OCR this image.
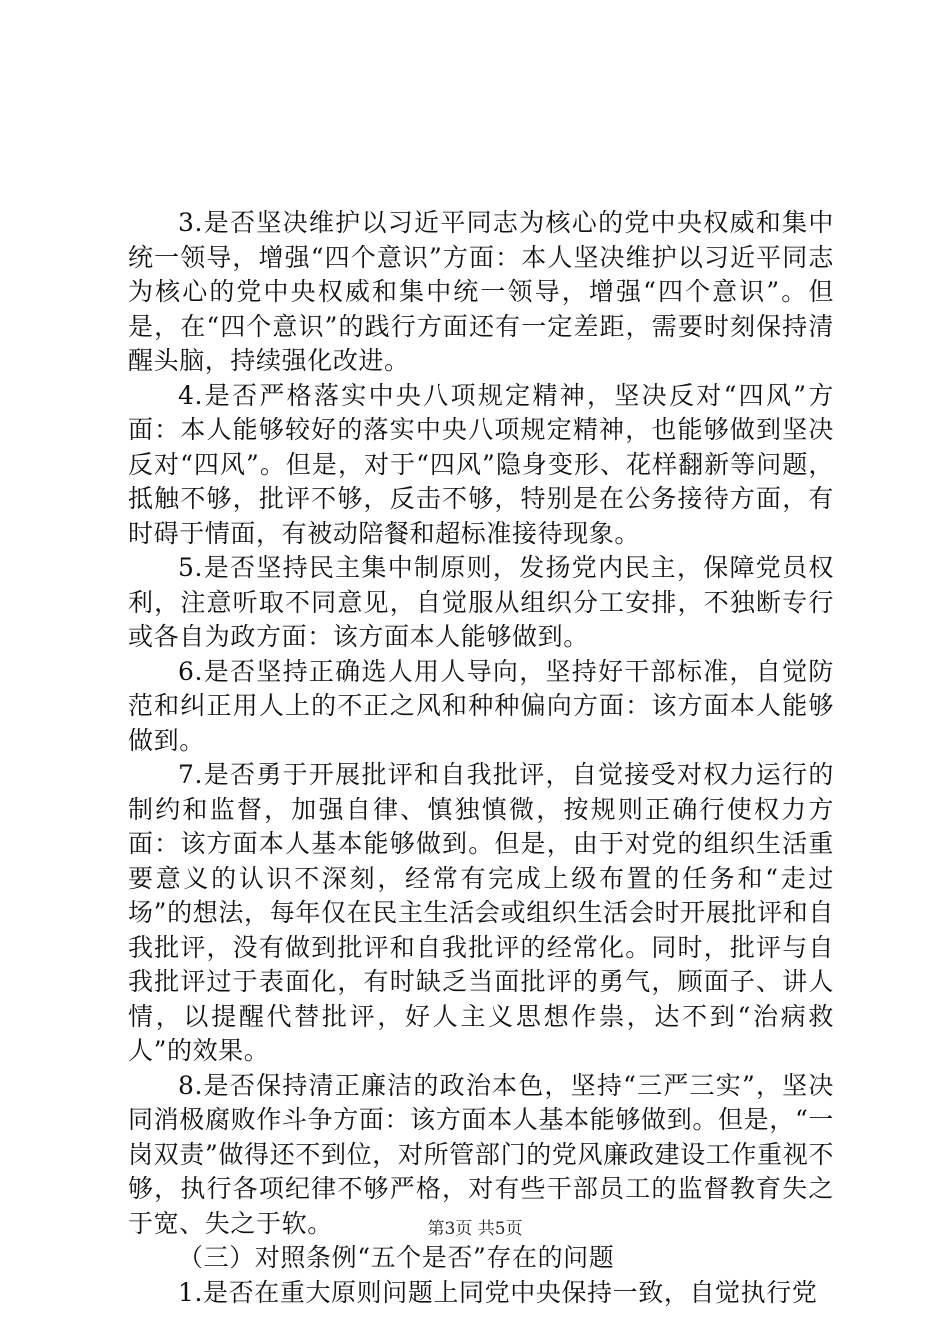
3.是否坚决维护以习近平同志为核心的党中央权威和集中统一领导，增强“四个意识”方面：本人坚决维护以习近平同志为核心的党中央权威和集中统一领导，增强“四个意识”。但是，在“四个意识”的践行方面还有一定差距，需要时刻保持清醒头脑，持续强化改进。

4.是否严格落实中央八项规定精神，坚决反对“四风”方面：本人能够较好的落实中央八项规定精神，也能够做到坚决反对“四风”。但是，对于“四风”隐身变形、花样翻新等问题，抵触不够，批评不够，反击不够，特别是在公务接待方面，有时碍于情面，有被动陪餐和超标准接待现象。

5.是否坚持民主集中制原则，发扬党内民主，保障党员权利，注意听取不同意见，自觉服从组织分工安排，不独断专行或各自为政方面：该方面本人能够做到。

6.是否坚持正确选人用人导向，坚持好干部标准，自觉防范和纠正用人上的不正之风和种种偏向方面：该方面本人能够做到。

7.是否勇于开展批评和自我批评，自觉接受对权力运行的制约和监督，加强自律、慎独慎微，按规则正确行使权力方面：该方面本人基本能够做到。但是，由于对党的组织生活重要意义的认识不深刻，经常有完成上级布置的任务和“走过场”的想法，每年仅在民主生活会或组织生活会时开展批评和自我批评，没有做到批评和自我批评的经常化。同时，批评与自我批评过于表面化，有时缺乏当面批评的勇气，顾面子、讲人情，以提醒代替批评，好人主义思想作祟，达不到“治病救人”的效果。

8.是否保持清正廉洁的政治本色，坚持“三严三实”，坚决同消极腐败作斗争方面：该方面本人基本能够做到。但是，“一岗双责”做得还不到位，对所管部门的党风廉政建设工作重视不够，执行各项纪律不够严格，对有些干部员工的监督教育失之于宽、失之于软。

（三）对照条例“五个是否”存在的问题

1.是否在重大原则问题上同党中央保持一致，自觉执行党

第3页 共5页
